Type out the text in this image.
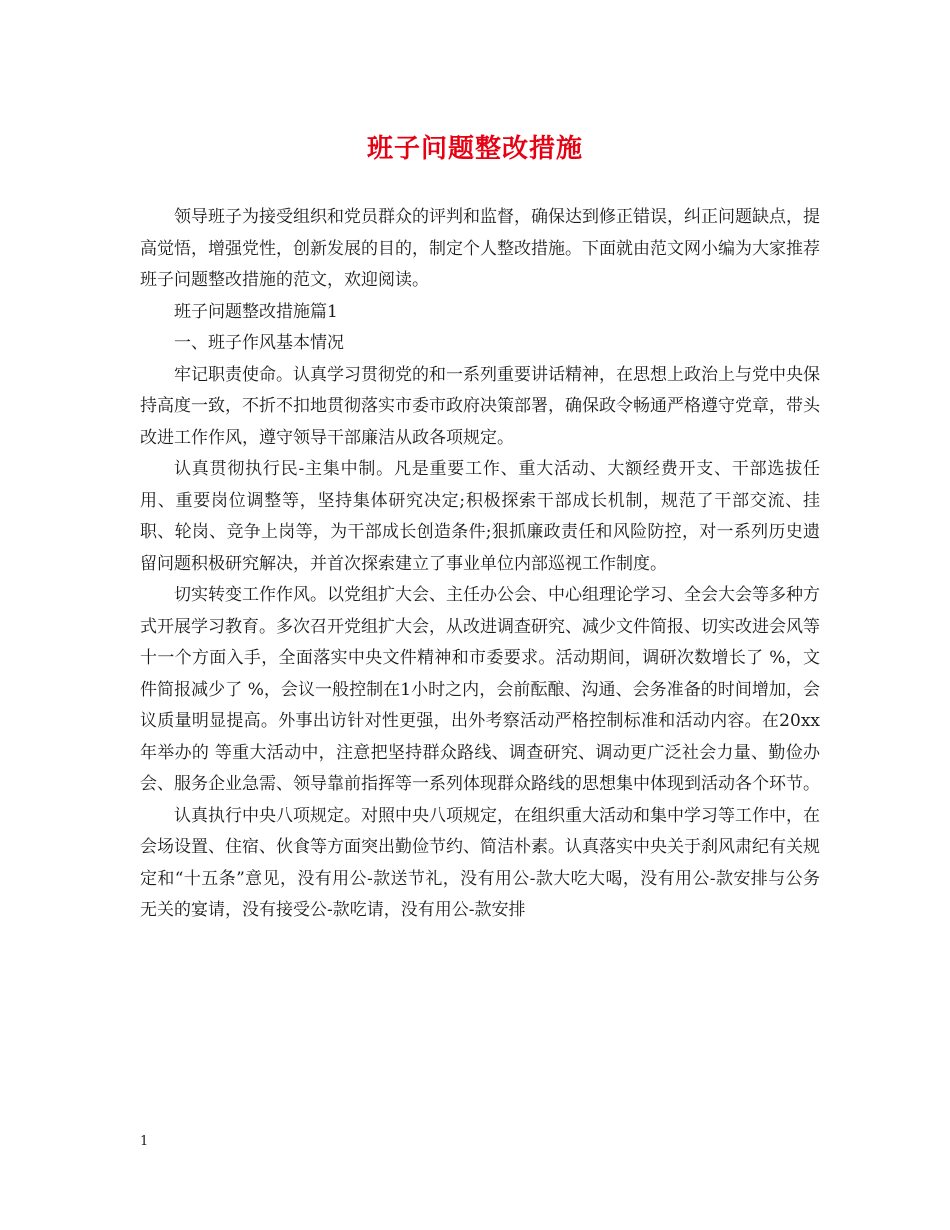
班子问题整改措施

领导班子为接受组织和党员群众的评判和监督，确保达到修正错误，纠正问题缺点，提高觉悟，增强党性，创新发展的目的，制定个人整改措施。下面就由范文网小编为大家推荐班子问题整改措施的范文，欢迎阅读。

班子问题整改措施篇1

一、班子作风基本情况

牢记职责使命。认真学习贯彻党的和一系列重要讲话精神，在思想上政治上与党中央保持高度一致，不折不扣地贯彻落实市委市政府决策部署，确保政令畅通严格遵守党章，带头改进工作作风，遵守领导干部廉洁从政各项规定。

认真贯彻执行民-主集中制。凡是重要工作、重大活动、大额经费开支、干部选拔任用、重要岗位调整等，坚持集体研究决定;积极探索干部成长机制，规范了干部交流、挂职、轮岗、竞争上岗等，为干部成长创造条件;狠抓廉政责任和风险防控，对一系列历史遗留问题积极研究解决，并首次探索建立了事业单位内部巡视工作制度。

切实转变工作作风。以党组扩大会、主任办公会、中心组理论学习、全会大会等多种方式开展学习教育。多次召开党组扩大会，从改进调查研究、减少文件简报、切实改进会风等十一个方面入手，全面落实中央文件精神和市委要求。活动期间，调研次数增长了 %，文件简报减少了 %，会议一般控制在1小时之内，会前酝酿、沟通、会务准备的时间增加，会议质量明显提高。外事出访针对性更强，出外考察活动严格控制标准和活动内容。在20xx年举办的 等重大活动中，注意把坚持群众路线、调查研究、调动更广泛社会力量、勤俭办会、服务企业急需、领导靠前指挥等一系列体现群众路线的思想集中体现到活动各个环节。

认真执行中央八项规定。对照中央八项规定，在组织重大活动和集中学习等工作中，在会场设置、住宿、伙食等方面突出勤俭节约、简洁朴素。认真落实中央关于刹风肃纪有关规定和“十五条”意见，没有用公-款送节礼，没有用公-款大吃大喝，没有用公-款安排与公务无关的宴请，没有接受公-款吃请，没有用公-款安排

1
